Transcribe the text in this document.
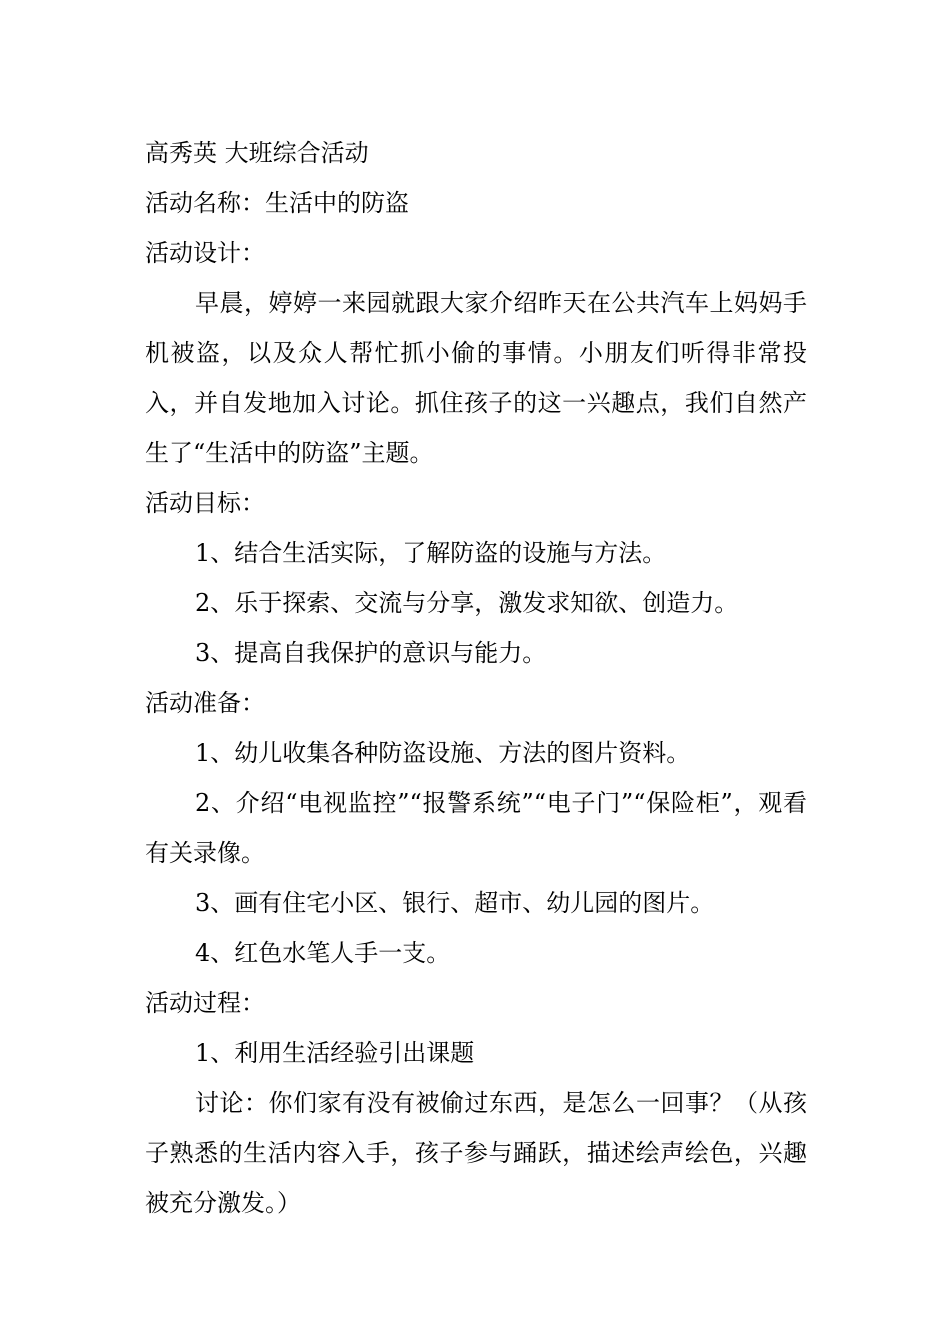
高秀英 大班综合活动

活动名称：生活中的防盗

活动设计：

早晨，婷婷一来园就跟大家介绍昨天在公共汽车上妈妈手机被盗，以及众人帮忙抓小偷的事情。小朋友们听得非常投入，并自发地加入讨论。抓住孩子的这一兴趣点，我们自然产生了“生活中的防盗”主题。

活动目标：

1、结合生活实际，了解防盗的设施与方法。

2、乐于探索、交流与分享，激发求知欲、创造力。

3、提高自我保护的意识与能力。

活动准备：

1、幼儿收集各种防盗设施、方法的图片资料。

2、介绍“电视监控”“报警系统”“电子门”“保险柜”，观看有关录像。

3、画有住宅小区、银行、超市、幼儿园的图片。

4、红色水笔人手一支。

活动过程：

1、利用生活经验引出课题

讨论：你们家有没有被偷过东西，是怎么一回事？（从孩子熟悉的生活内容入手，孩子参与踊跃，描述绘声绘色，兴趣被充分激发。）
